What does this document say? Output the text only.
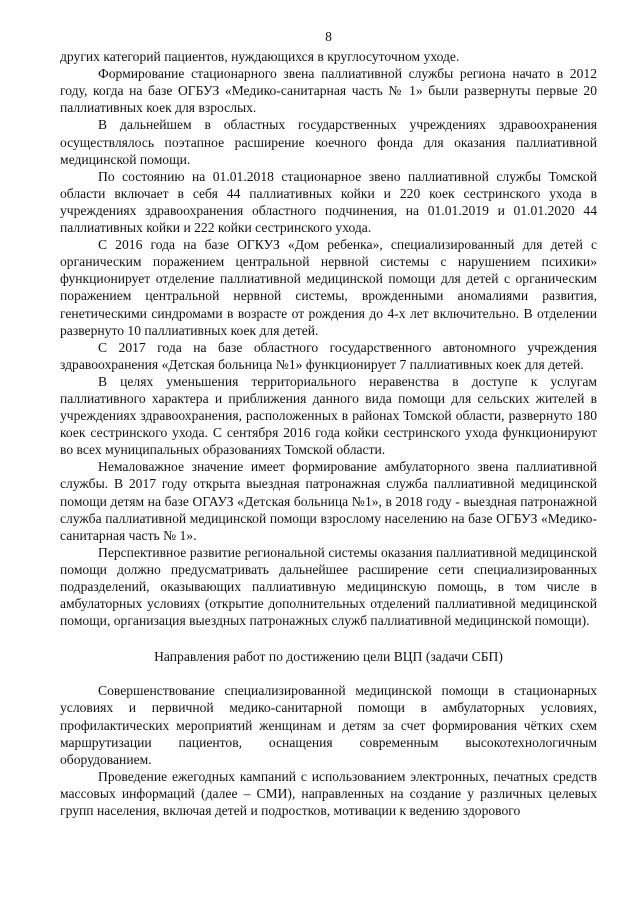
8

других категорий пациентов, нуждающихся в круглосуточном уходе.

Формирование стационарного звена паллиативной службы региона начато в 2012 году, когда на базе ОГБУЗ «Медико-санитарная часть № 1» были развернуты первые 20 паллиативных коек для взрослых.

В дальнейшем в областных государственных учреждениях здравоохранения осуществлялось поэтапное расширение коечного фонда для оказания паллиативной медицинской помощи.

По состоянию на 01.01.2018 стационарное звено паллиативной службы Томской области включает в себя 44 паллиативных койки и 220 коек сестринского ухода в учреждениях здравоохранения областного подчинения, на 01.01.2019 и 01.01.2020 44 паллиативных койки и 222 койки сестринского ухода.

С 2016 года на базе ОГКУЗ «Дом ребенка», специализированный для детей с органическим поражением центральной нервной системы с нарушением психики» функционирует отделение паллиативной медицинской помощи для детей с органическим поражением центральной нервной системы, врожденными аномалиями развития, генетическими синдромами в возрасте от рождения до 4-х лет включительно. В отделении развернуто 10 паллиативных коек для детей.

С 2017 года на базе областного государственного автономного учреждения здравоохранения «Детская больница №1» функционирует 7 паллиативных коек для детей.

В целях уменьшения территориального неравенства в доступе к услугам паллиативного характера и приближения данного вида помощи для сельских жителей в учреждениях здравоохранения, расположенных в районах Томской области, развернуто 180 коек сестринского ухода. С сентября 2016 года койки сестринского ухода функционируют во всех муниципальных образованиях Томской области.

Немаловажное значение имеет формирование амбулаторного звена паллиативной службы. В 2017 году открыта выездная патронажная служба паллиативной медицинской помощи детям на базе ОГАУЗ «Детская больница №1», в 2018 году - выездная патронажной служба паллиативной медицинской помощи взрослому населению на базе ОГБУЗ «Медико-санитарная часть № 1».

Перспективное развитие региональной системы оказания паллиативной медицинской помощи должно предусматривать дальнейшее расширение сети специализированных подразделений, оказывающих паллиативную медицинскую помощь, в том числе в амбулаторных условиях (открытие дополнительных отделений паллиативной медицинской помощи, организация выездных патронажных служб паллиативной медицинской помощи).

Направления работ по достижению цели ВЦП (задачи СБП)

Совершенствование специализированной медицинской помощи в стационарных условиях и первичной медико-санитарной помощи в амбулаторных условиях, профилактических мероприятий женщинам и детям за счет формирования чётких схем маршрутизации пациентов, оснащения современным высокотехнологичным оборудованием.

Проведение ежегодных кампаний с использованием электронных, печатных средств массовых информаций (далее – СМИ), направленных на создание у различных целевых групп населения, включая детей и подростков, мотивации к ведению здорового
